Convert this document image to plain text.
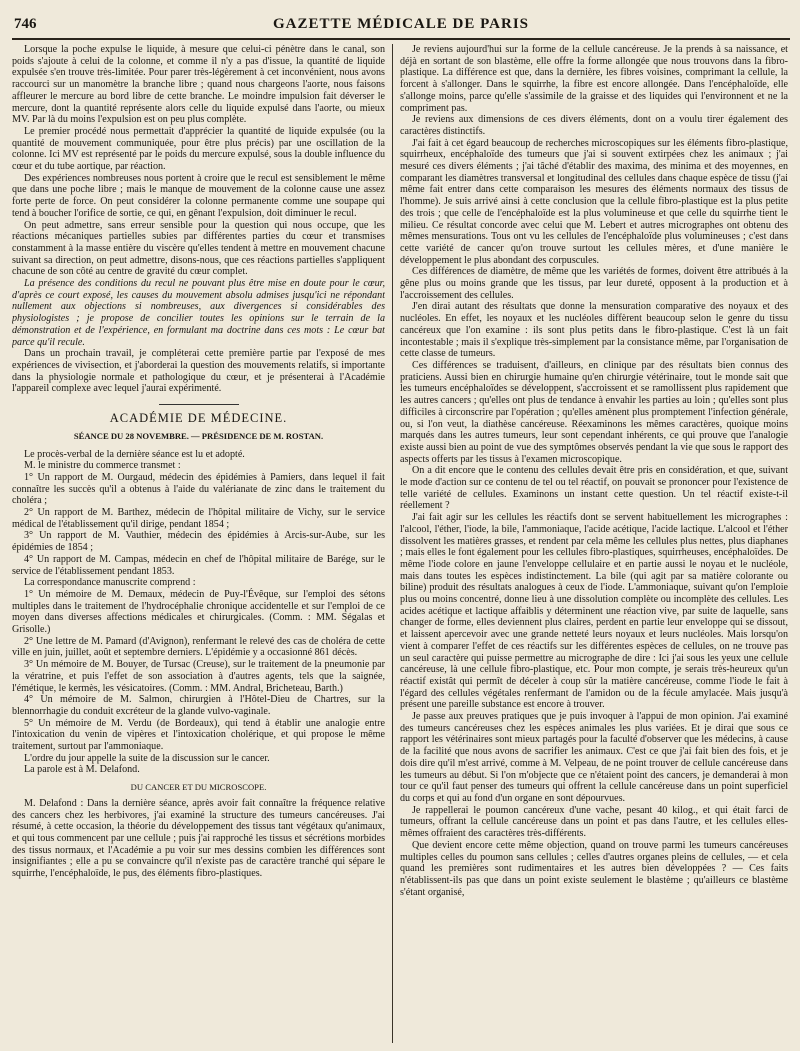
746	GAZETTE MÉDICALE DE PARIS

Lorsque la poche expulse le liquide, à mesure que celui-ci pénètre dans le canal, son poids s'ajoute à celui de la colonne, et comme il n'y a pas d'issue, la quantité de liquide expulsée s'en trouve très-limitée. Pour parer très-légèrement à cet inconvénient, nous avons raccourci sur un manomètre la branche libre ; quand nous chargeons l'aorte, nous faisons affleurer le mercure au bord libre de cette branche. Le moindre impulsion fait déverser le mercure, dont la quantité représente alors celle du liquide expulsé dans l'aorte, ou mieux MV. Par là du moins l'expulsion est on peu plus complète.

Le premier procédé nous permettait d'apprécier la quantité de liquide expulsée (ou la quantité de mouvement communiquée, pour être plus précis) par une oscillation de la colonne. Ici MV est représenté par le poids du mercure expulsé, sous la double influence du cœur et du tube aortique, par réaction.

Des expériences nombreuses nous portent à croire que le recul est sensiblement le même que dans une poche libre ; mais le manque de mouvement de la colonne cause une assez forte perte de force. On peut considérer la colonne permanente comme une soupape qui tend à boucher l'orifice de sortie, ce qui, en gênant l'expulsion, doit diminuer le recul.

On peut admettre, sans erreur sensible pour la question qui nous occupe, que les réactions mécaniques partielles subies par différentes parties du cœur et transmises constamment à la masse entière du viscère qu'elles tendent à mettre en mouvement chacune suivant sa direction, on peut admettre, disons-nous, que ces réactions partielles s'appliquent chacune de son côté au centre de gravité du cœur complet.

La présence des conditions du recul ne pouvant plus être mise en doute pour le cœur, d'après ce court exposé, les causes du mouvement absolu admises jusqu'ici ne répondant nullement aux objections si nombreuses, aux divergences si considérables des physiologistes ; je propose de concilier toutes les opinions sur le terrain de la démonstration et de l'expérience, en formulant ma doctrine dans ces mots : Le cœur bat parce qu'il recule.

Dans un prochain travail, je compléterai cette première partie par l'exposé de mes expériences de vivisection, et j'aborderai la question des mouvements relatifs, si importante dans la physiologie normale et pathologique du cœur, et je présenterai à l'Académie l'appareil complexe avec lequel j'aurai expérimenté.

ACADÉMIE DE MÉDECINE.
SÉANCE DU 28 NOVEMBRE. — PRÉSIDENCE DE M. ROSTAN.

Le procès-verbal de la dernière séance est lu et adopté.

M. le ministre du commerce transmet :

1° Un rapport de M. Ourgaud, médecin des épidémies à Pamiers, dans lequel il fait connaître les succès qu'il a obtenus à l'aide du valérianate de zinc dans le traitement du choléra ;

2° Un rapport de M. Barthez, médecin de l'hôpital militaire de Vichy, sur le service médical de l'établissement qu'il dirige, pendant 1854 ;

3° Un rapport de M. Vauthier, médecin des épidémies à Arcis-sur-Aube, sur les épidémies de 1854 ;

4° Un rapport de M. Campas, médecin en chef de l'hôpital militaire de Barége, sur le service de l'établissement pendant 1853.

La correspondance manuscrite comprend :

1° Un mémoire de M. Demaux, médecin de Puy-l'Évêque, sur l'emploi des sétons multiples dans le traitement de l'hydrocéphalie chronique accidentelle et sur l'emploi de ce moyen dans diverses affections médicales et chirurgicales. (Comm. : MM. Ségalas et Grisolle.)

2° Une lettre de M. Pamard (d'Avignon), renfermant le relevé des cas de choléra de cette ville en juin, juillet, août et septembre derniers. L'épidémie y a occasionné 861 décès.

3° Un mémoire de M. Bouyer, de Tursac (Creuse), sur le traitement de la pneumonie par la vératrine, et puis l'effet de son association à d'autres agents, tels que la saignée, l'émétique, le kermès, les vésicatoires. (Comm. : MM. Andral, Bricheteau, Barth.)

4° Un mémoire de M. Salmon, chirurgien à l'Hôtel-Dieu de Chartres, sur la blennorrhagie du conduit excréteur de la glande vulvo-vaginale.

5° Un mémoire de M. Verdu (de Bordeaux), qui tend à établir une analogie entre l'intoxication du venin de vipères et l'intoxication cholérique, et qui propose le même traitement, surtout par l'ammoniaque.

L'ordre du jour appelle la suite de la discussion sur le cancer.

La parole est à M. Delafond.

DU CANCER ET DU MICROSCOPE.

M. Delafond : Dans la dernière séance, après avoir fait connaître la fréquence relative des cancers chez les herbivores, j'ai examiné la structure des tumeurs cancéreuses. J'ai résumé, à cette occasion, la théorie du développement des tissus tant végétaux qu'animaux, et qui tous commencent par une cellule ; puis j'ai rapproché les tissus et sécrétions morbides des tissus normaux, et l'Académie a pu voir sur mes dessins combien les différences sont insignifiantes ; elle a pu se convaincre qu'il n'existe pas de caractère tranché qui sépare le squirrhe, l'encéphaloïde, le pus, des éléments fibro-plastiques.

Je reviens aujourd'hui sur la forme de la cellule cancéreuse. Je la prends à sa naissance, et déjà en sortant de son blastème, elle offre la forme allongée que nous trouvons dans la fibro-plastique. La différence est que, dans la dernière, les fibres voisines, comprimant la cellule, la forcent à s'allonger. Dans le squirrhe, la fibre est encore allongée. Dans l'encéphaloïde, elle s'allonge moins, parce qu'elle s'assimile de la graisse et des liquides qui l'environnent et ne la compriment pas.

Je reviens aux dimensions de ces divers éléments, dont on a voulu tirer également des caractères distinctifs.

J'ai fait à cet égard beaucoup de recherches microscopiques sur les éléments fibro-plastique, squirrheux, encéphaloïde des tumeurs que j'ai si souvent extirpées chez les animaux ; j'ai mesuré ces divers éléments ; j'ai tâché d'établir des maxima, des minima et des moyennes, en comparant les diamètres transversal et longitudinal des cellules dans chaque espèce de tissu (j'ai même fait entrer dans cette comparaison les mesures des éléments normaux des tissus de l'homme). Je suis arrivé ainsi à cette conclusion que la cellule fibro-plastique est la plus petite des trois ; que celle de l'encéphaloïde est la plus volumineuse et que celle du squirrhe tient le milieu. Ce résultat concorde avec celui que M. Lebert et autres micrographes ont obtenu des mêmes mensurations. Tous ont vu les cellules de l'encéphaloïde plus volumineuses ; c'est dans cette variété de cancer qu'on trouve surtout les cellules mères, et d'une manière le développement le plus abondant des corpuscules.

Ces différences de diamètre, de même que les variétés de formes, doivent être attribués à la gêne plus ou moins grande que les tissus, par leur dureté, opposent à la production et à l'accroissement des cellules.

J'en dirai autant des résultats que donne la mensuration comparative des noyaux et des nucléoles. En effet, les noyaux et les nucléoles diffèrent beaucoup selon le genre du tissu cancéreux que l'on examine : ils sont plus petits dans le fibro-plastique. C'est là un fait incontestable ; mais il s'explique très-simplement par la consistance même, par l'organisation de cette classe de tumeurs.

Ces différences se traduisent, d'ailleurs, en clinique par des résultats bien connus des praticiens. Aussi bien en chirurgie humaine qu'en chirurgie vétérinaire, tout le monde sait que les tumeurs encéphaloïdes se développent, s'accroissent et se ramollissent plus rapidement que les autres cancers ; qu'elles ont plus de tendance à envahir les parties au loin ; qu'elles sont plus difficiles à circonscrire par l'opération ; qu'elles amènent plus promptement l'infection générale, ou, si l'on veut, la diathèse cancéreuse. Réexaminons les mêmes caractères, quoique moins marqués dans les autres tumeurs, leur sont cependant inhérents, ce qui prouve que l'analogie existe aussi bien au point de vue des symptômes observés pendant la vie que sous le rapport des aspects offerts par les tissus à l'examen microscopique.

On a dit encore que le contenu des cellules devait être pris en considération, et que, suivant le mode d'action sur ce contenu de tel ou tel réactif, on pouvait se prononcer pour l'existence de telle variété de cellules. Examinons un instant cette question. Un tel réactif existe-t-il réellement ?

J'ai fait agir sur les cellules les réactifs dont se servent habituellement les micrographes : l'alcool, l'éther, l'iode, la bile, l'ammoniaque, l'acide acétique, l'acide lactique. L'alcool et l'éther dissolvent les matières grasses, et rendent par cela même les cellules plus nettes, plus diaphanes ; mais elles le font également pour les cellules fibro-plastiques, squirrheuses, encéphaloïdes. De même l'iode colore en jaune l'enveloppe cellulaire et en partie aussi le noyau et le nucléole, mais dans toutes les espèces indistinctement. La bile (qui agit par sa matière colorante ou biline) produit des résultats analogues à ceux de l'iode. L'ammoniaque, suivant qu'on l'emploie plus ou moins concentré, donne lieu à une dissolution complète ou incomplète des cellules. Les acides acétique et lactique affaiblis y déterminent une réaction vive, par suite de laquelle, sans changer de forme, elles deviennent plus claires, perdent en partie leur enveloppe qui se dissout, et laissent apercevoir avec une grande netteté leurs noyaux et leurs nucléoles. Mais lorsqu'on vient à comparer l'effet de ces réactifs sur les différentes espèces de cellules, on ne trouve pas un seul caractère qui puisse permettre au micrographe de dire : Ici j'ai sous les yeux une cellule cancéreuse, là une cellule fibro-plastique, etc. Pour mon compte, je serais très-heureux qu'un réactif existât qui permît de déceler à coup sûr la matière cancéreuse, comme l'iode le fait à l'égard des cellules végétales renfermant de l'amidon ou de la fécule amylacée. Mais jusqu'à présent une pareille substance est encore à trouver.

Je passe aux preuves pratiques que je puis invoquer à l'appui de mon opinion. J'ai examiné des tumeurs cancéreuses chez les espèces animales les plus variées. Et je dirai que sous ce rapport les vétérinaires sont mieux partagés pour la faculté d'observer que les médecins, à cause de la facilité que nous avons de sacrifier les animaux. C'est ce que j'ai fait bien des fois, et je dois dire qu'il m'est arrivé, comme à M. Velpeau, de ne point trouver de cellule cancéreuse dans les tumeurs au début. Si l'on m'objecte que ce n'étaient point des cancers, je demanderai à mon tour ce qu'il faut penser des tumeurs qui offrent la cellule cancéreuse dans un point superficiel du corps et qui au fond d'un organe en sont dépourvues.

Je rappellerai le poumon cancéreux d'une vache, pesant 40 kilog., et qui était farci de tumeurs, offrant la cellule cancéreuse dans un point et pas dans l'autre, et les cellules elles-mêmes offraient des caractères très-différents.

Que devient encore cette même objection, quand on trouve parmi les tumeurs cancéreuses multiples celles du poumon sans cellules ; celles d'autres organes pleins de cellules, — et cela quand les premières sont rudimentaires et les autres bien développées ? — Ces faits n'établissent-ils pas que dans un point existe seulement le blastème ; qu'ailleurs ce blastème s'étant organisé,
